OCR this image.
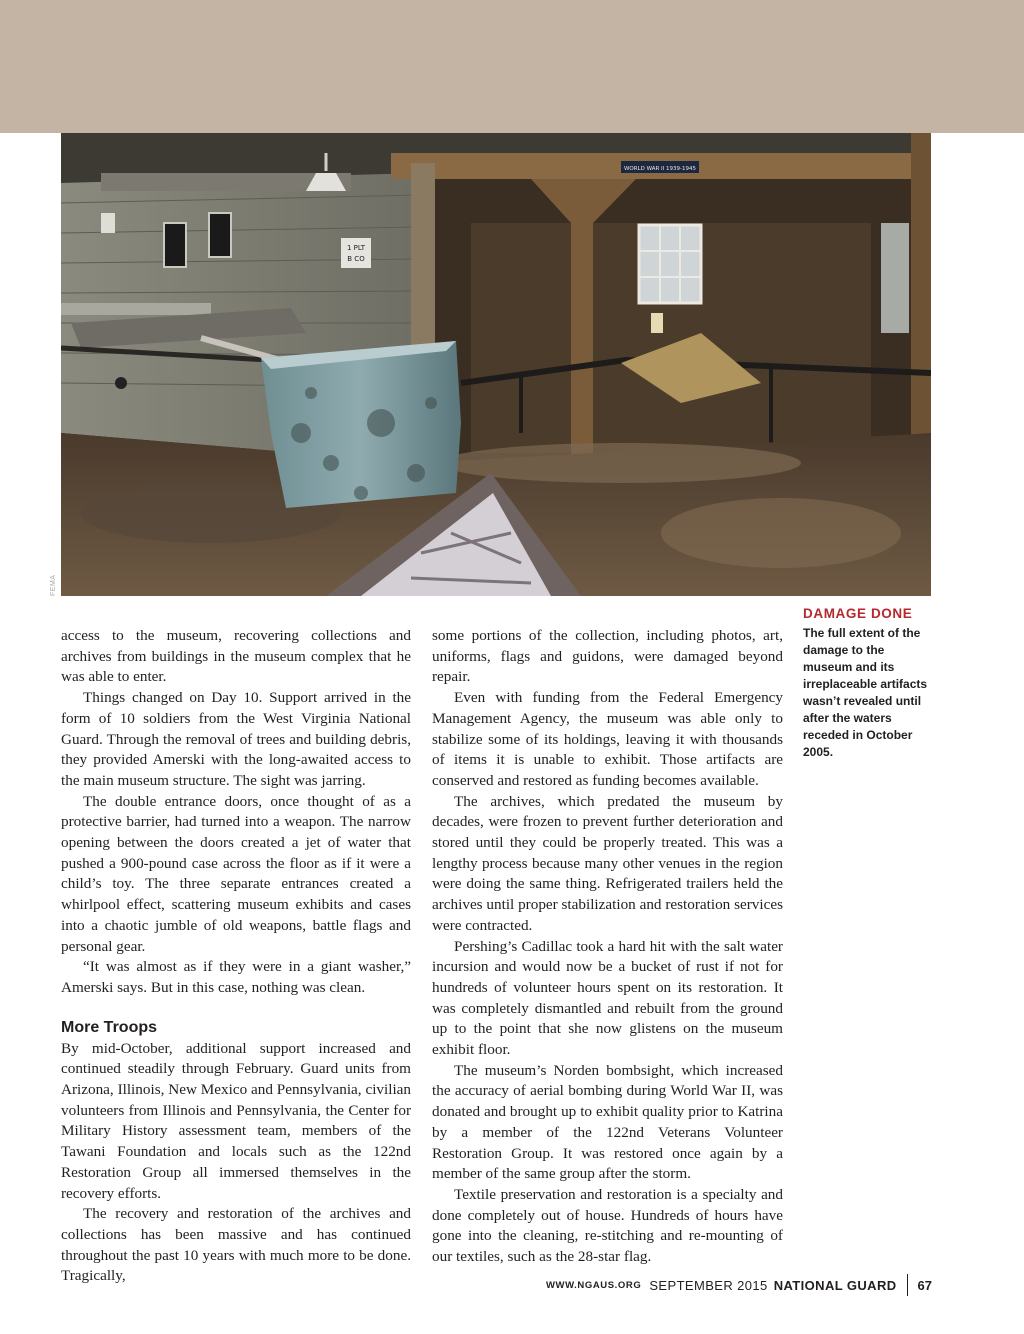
WORLD WAR II 1939-1945
1 PLT
B CO
FEMA
DAMAGE DONE
The full extent of the damage to the museum and its irreplaceable artifacts wasn’t revealed until after the waters receded in October 2005.

access to the museum, recovering collections and archives from buildings in the museum complex that he was able to enter.

Things changed on Day 10. Support arrived in the form of 10 soldiers from the West Virginia National Guard. Through the removal of trees and building debris, they provided Amerski with the long-awaited access to the main museum structure. The sight was jarring.

The double entrance doors, once thought of as a protective barrier, had turned into a weapon. The narrow opening between the doors created a jet of water that pushed a 900-pound case across the floor as if it were a child’s toy. The three separate entrances created a whirlpool effect, scattering museum exhibits and cases into a chaotic jumble of old weapons, battle flags and personal gear.

“It was almost as if they were in a giant washer,” Amerski says. But in this case, nothing was clean.

More Troops

By mid-October, additional support increased and continued steadily through February. Guard units from Arizona, Illinois, New Mexico and Pennsylvania, civilian volunteers from Illinois and Pennsylvania, the Center for Military History assessment team, members of the Tawani Foundation and locals such as the 122nd Restoration Group all immersed themselves in the recovery efforts.

The recovery and restoration of the archives and collections has been massive and has continued throughout the past 10 years with much more to be done. Tragically,

some portions of the collection, including photos, art, uniforms, flags and guidons, were damaged beyond repair.

Even with funding from the Federal Emergency Management Agency, the museum was able only to stabilize some of its holdings, leaving it with thousands of items it is unable to exhibit. Those artifacts are conserved and restored as funding becomes available.

The archives, which predated the museum by decades, were frozen to prevent further deterioration and stored until they could be properly treated. This was a lengthy process because many other venues in the region were doing the same thing. Refrigerated trailers held the archives until proper stabilization and restoration services were contracted.

Pershing’s Cadillac took a hard hit with the salt water incursion and would now be a bucket of rust if not for hundreds of volunteer hours spent on its restoration. It was completely dismantled and rebuilt from the ground up to the point that she now glistens on the museum exhibit floor.

The museum’s Norden bombsight, which increased the accuracy of aerial bombing during World War II, was donated and brought up to exhibit quality prior to Katrina by a member of the 122nd Veterans Volunteer Restoration Group. It was restored once again by a member of the same group after the storm.

Textile preservation and restoration is a specialty and done completely out of house. Hundreds of hours have gone into the cleaning, re-stitching and re-mounting of our textiles, such as the 28-star flag.

WWW.NGAUS.ORG SEPTEMBER 2015 NATIONAL GUARD 67
